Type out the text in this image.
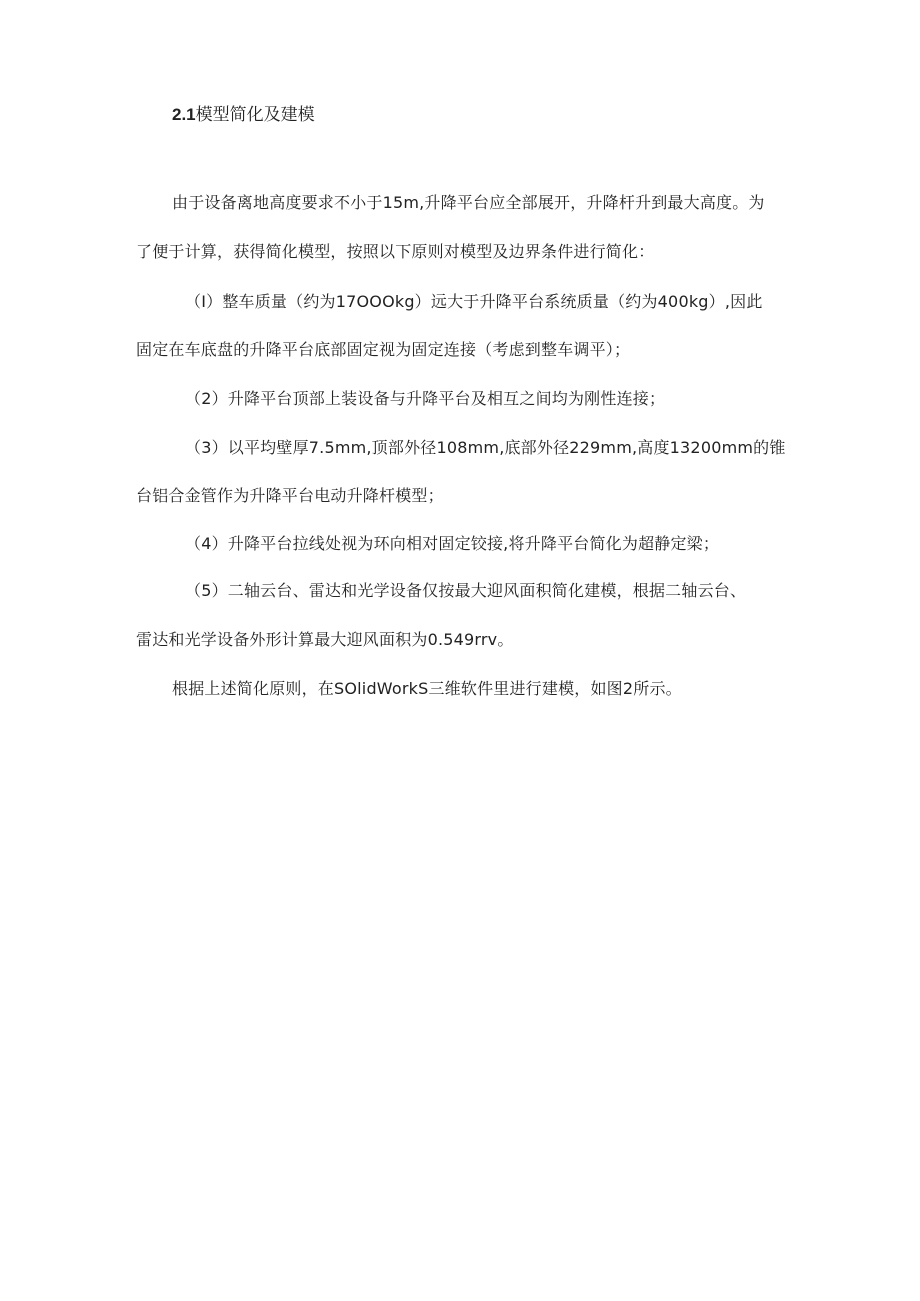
2.1模型简化及建模
由于设备离地高度要求不小于15m,升降平台应全部展开，升降杆升到最大高度。为
了便于计算，获得简化模型，按照以下原则对模型及边界条件进行简化：
（I）整车质量（约为17OOOkg）远大于升降平台系统质量（约为400kg）,因此
固定在车底盘的升降平台底部固定视为固定连接（考虑到整车调平）；
（2）升降平台顶部上装设备与升降平台及相互之间均为刚性连接；
（3）以平均壁厚7.5mm,顶部外径108mm,底部外径229mm,高度13200mm的锥
台铝合金管作为升降平台电动升降杆模型；
（4）升降平台拉线处视为环向相对固定铰接,将升降平台简化为超静定梁；
（5）二轴云台、雷达和光学设备仅按最大迎风面积简化建模，根据二轴云台、
雷达和光学设备外形计算最大迎风面积为0.549rrv。
根据上述简化原则，在SOlidWorkS三维软件里进行建模，如图2所示。
